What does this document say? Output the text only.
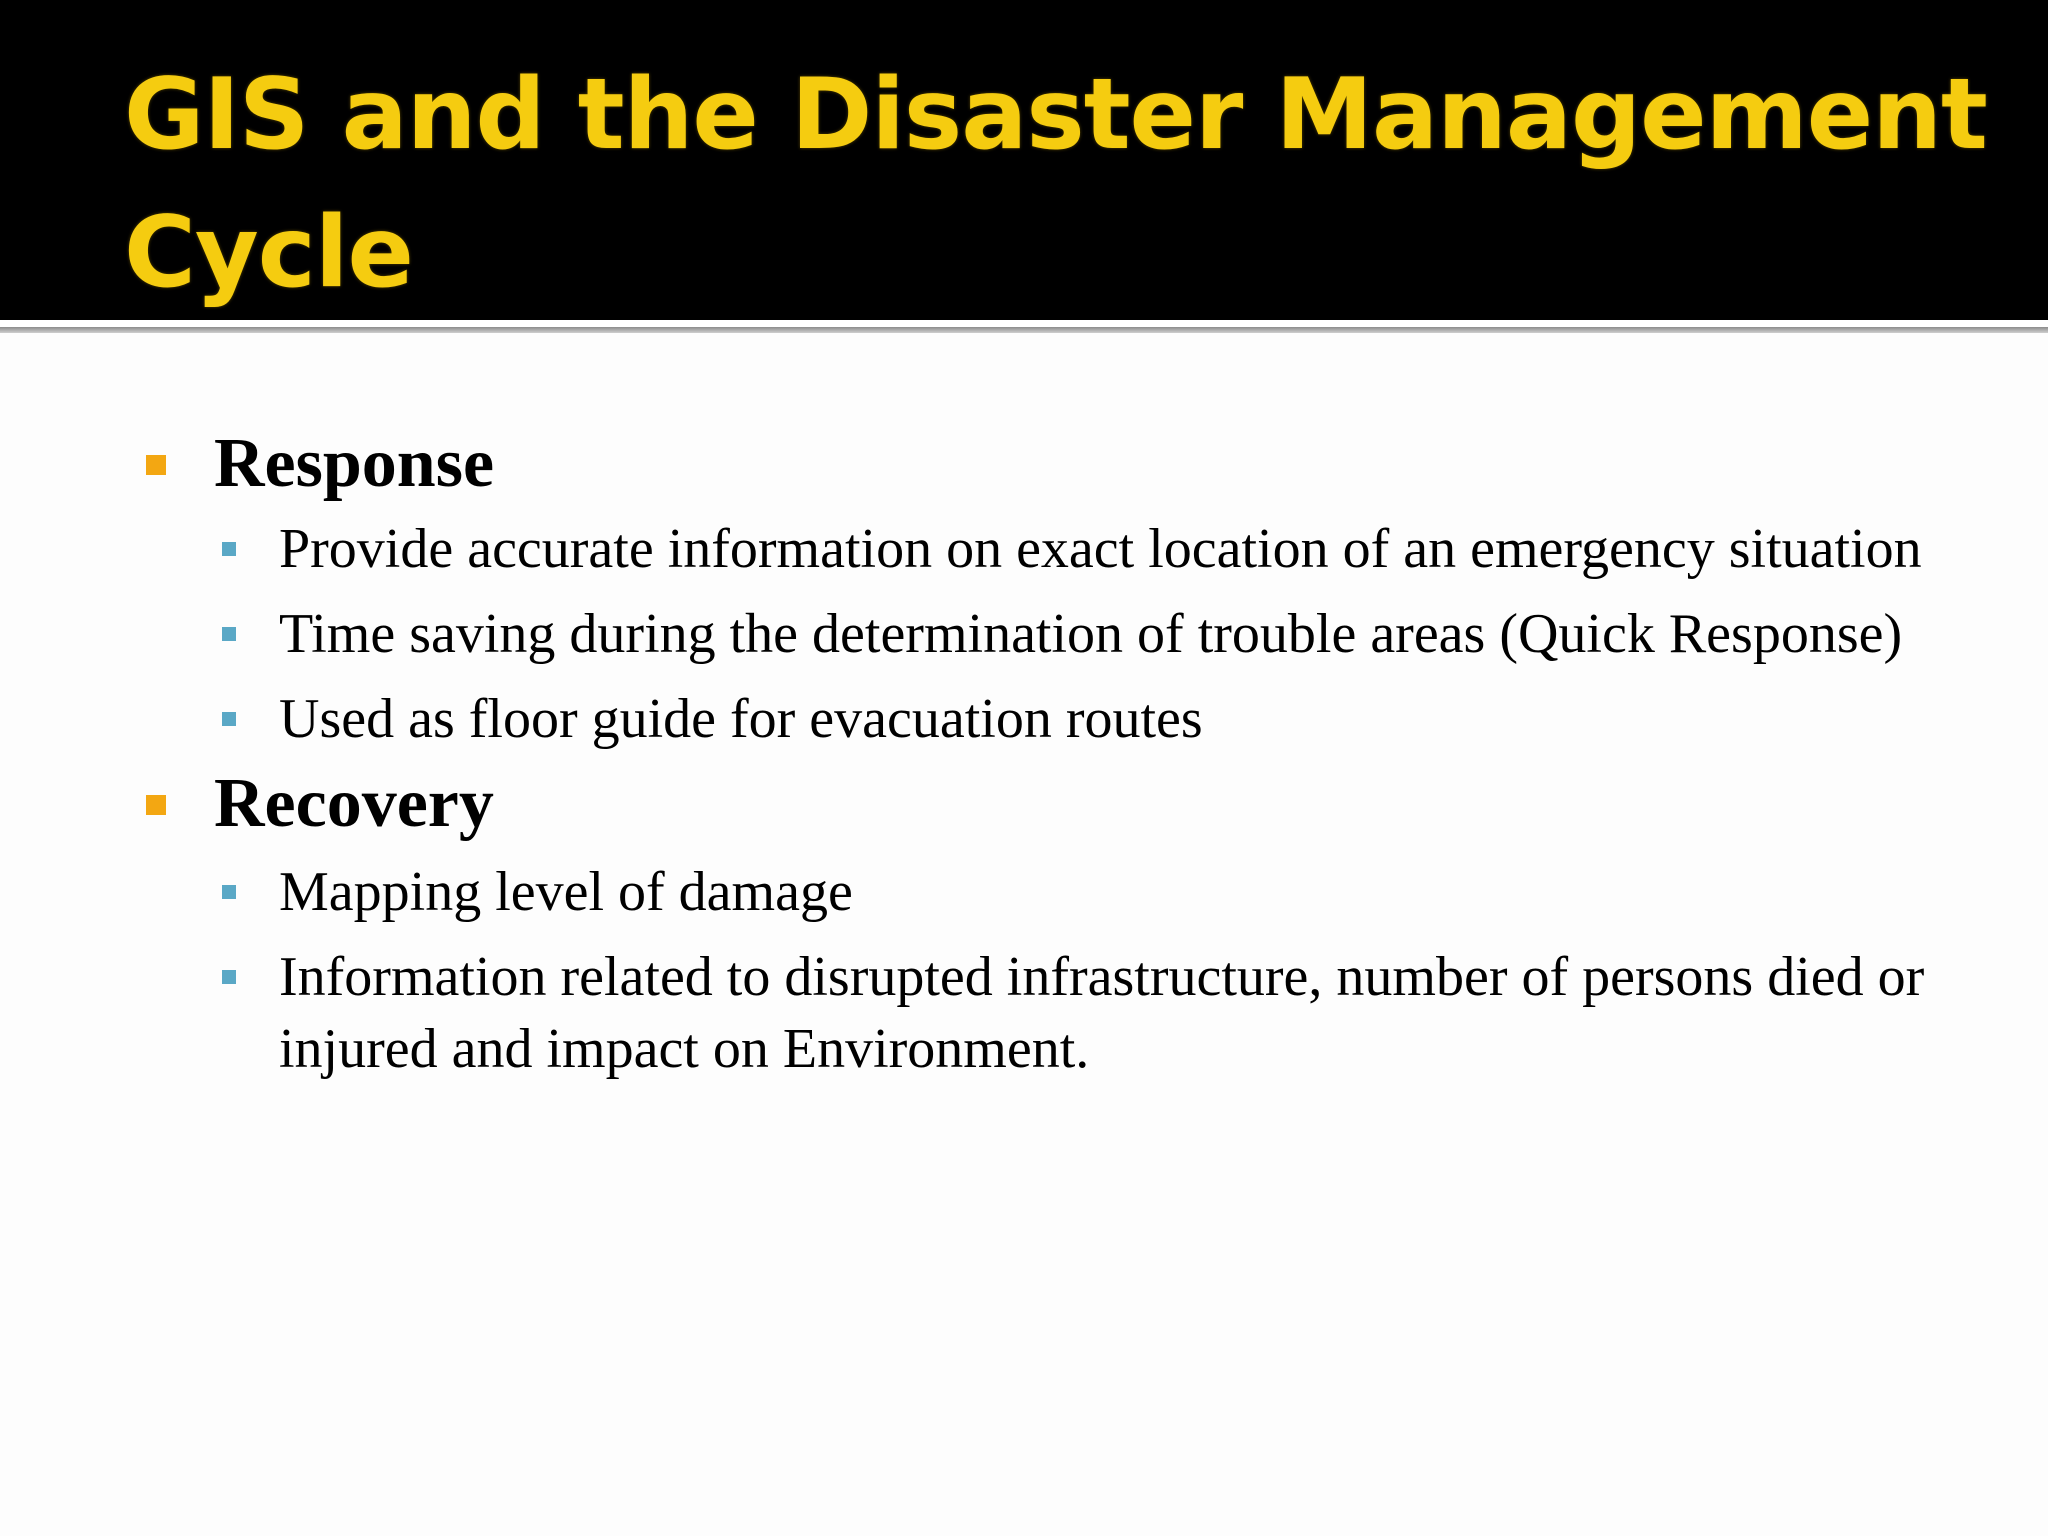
GIS and the Disaster Management Cycle

Response

Provide accurate information on exact location of an emergency situation

Time saving during the determination of trouble areas (Quick Response)

Used as floor guide for evacuation routes

Recovery

Mapping level of damage

Information related to disrupted infrastructure, number of persons died or injured and impact on Environment.
